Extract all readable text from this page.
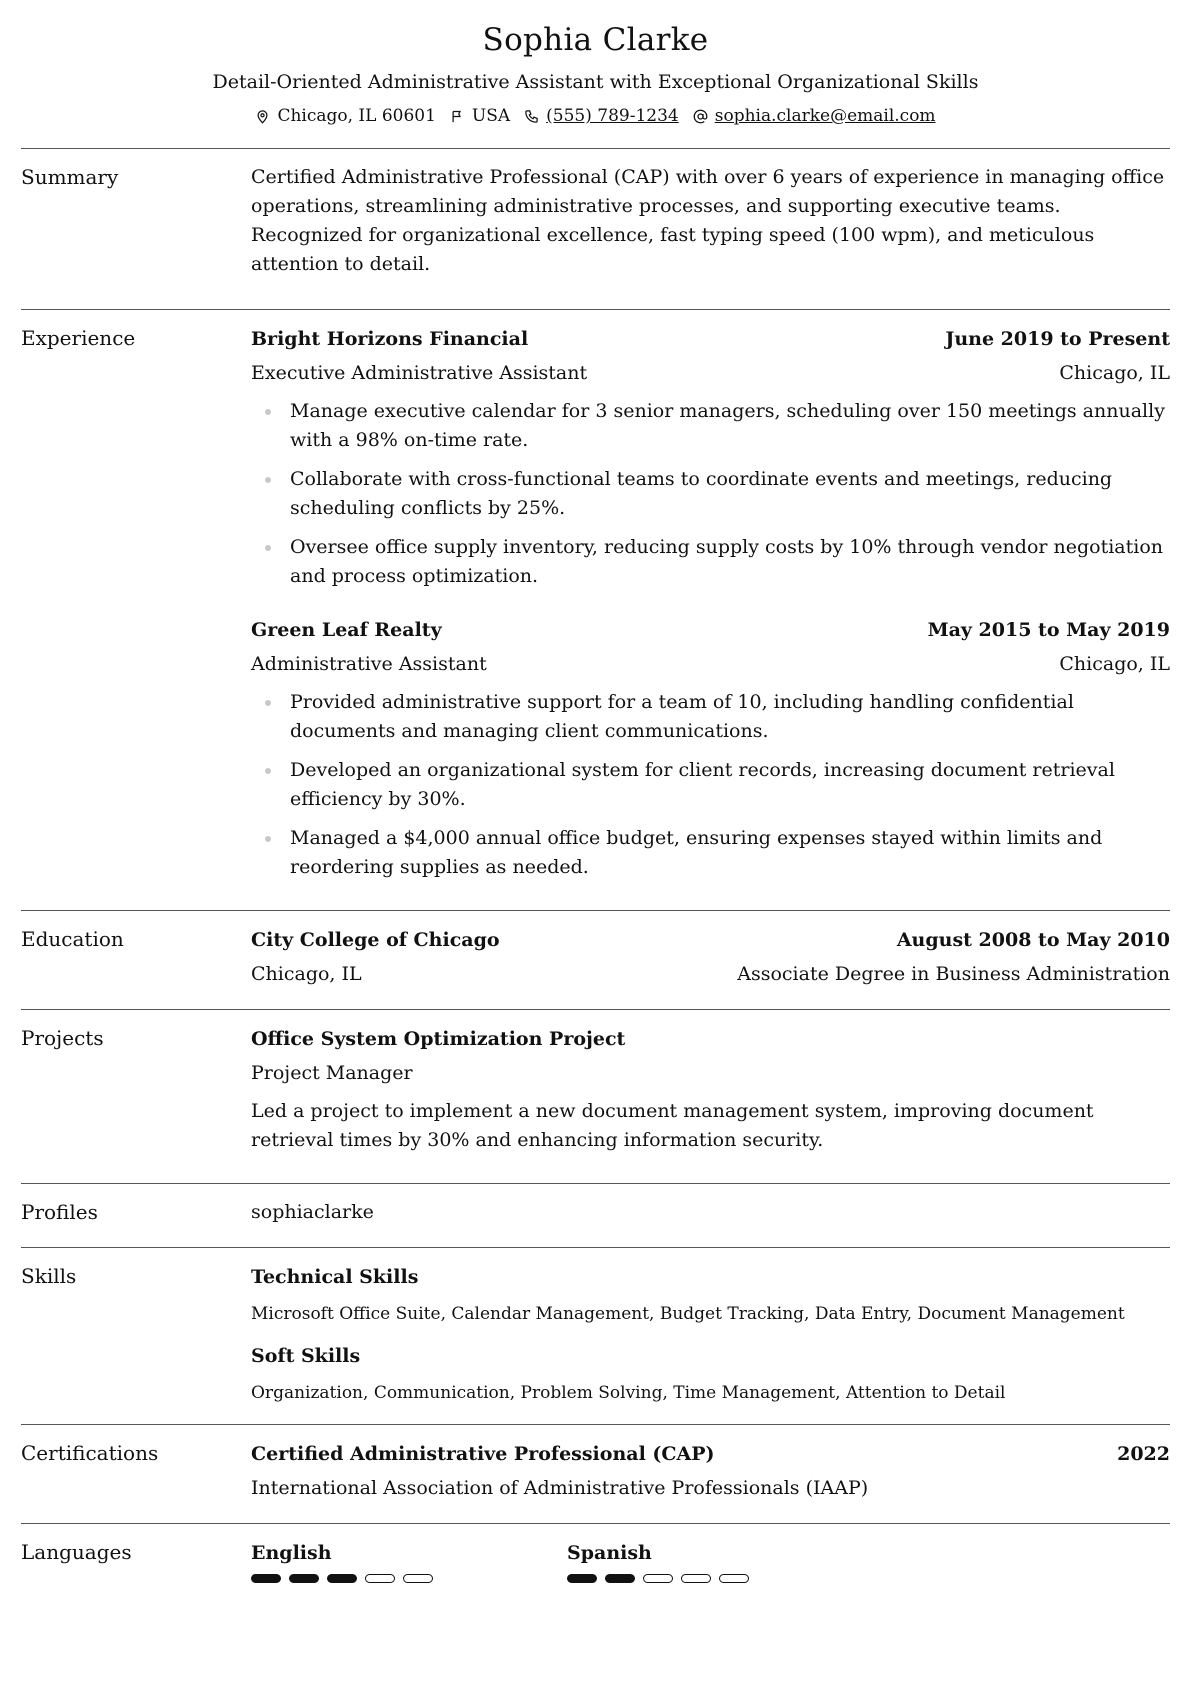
Sophia Clarke
Detail-Oriented Administrative Assistant with Exceptional Organizational Skills
Chicago, IL 60601 USA (555) 789-1234 sophia.clarke@email.com
Summary	Certified Administrative Professional (CAP) with over 6 years of experience in managing office operations, streamlining administrative processes, and supporting executive teams. Recognized for organizational excellence, fast typing speed (100 wpm), and meticulous attention to detail.
Experience	Bright Horizons Financial	June 2019 to Present
Executive Administrative Assistant	Chicago, IL
Manage executive calendar for 3 senior managers, scheduling over 150 meetings annually with a 98% on-time rate.
Collaborate with cross-functional teams to coordinate events and meetings, reducing scheduling conflicts by 25%.
Oversee office supply inventory, reducing supply costs by 10% through vendor negotiation and process optimization.
Green Leaf Realty	May 2015 to May 2019
Administrative Assistant	Chicago, IL
Provided administrative support for a team of 10, including handling confidential documents and managing client communications.
Developed an organizational system for client records, increasing document retrieval efficiency by 30%.
Managed a $4,000 annual office budget, ensuring expenses stayed within limits and reordering supplies as needed.
Education	City College of Chicago	August 2008 to May 2010
Chicago, IL	Associate Degree in Business Administration
Projects	Office System Optimization Project
Project Manager
Led a project to implement a new document management system, improving document retrieval times by 30% and enhancing information security.
Profiles	sophiaclarke
Skills	Technical Skills
Microsoft Office Suite, Calendar Management, Budget Tracking, Data Entry, Document Management
Soft Skills
Organization, Communication, Problem Solving, Time Management, Attention to Detail
Certifications	Certified Administrative Professional (CAP)	2022
International Association of Administrative Professionals (IAAP)
Languages	English	Spanish
